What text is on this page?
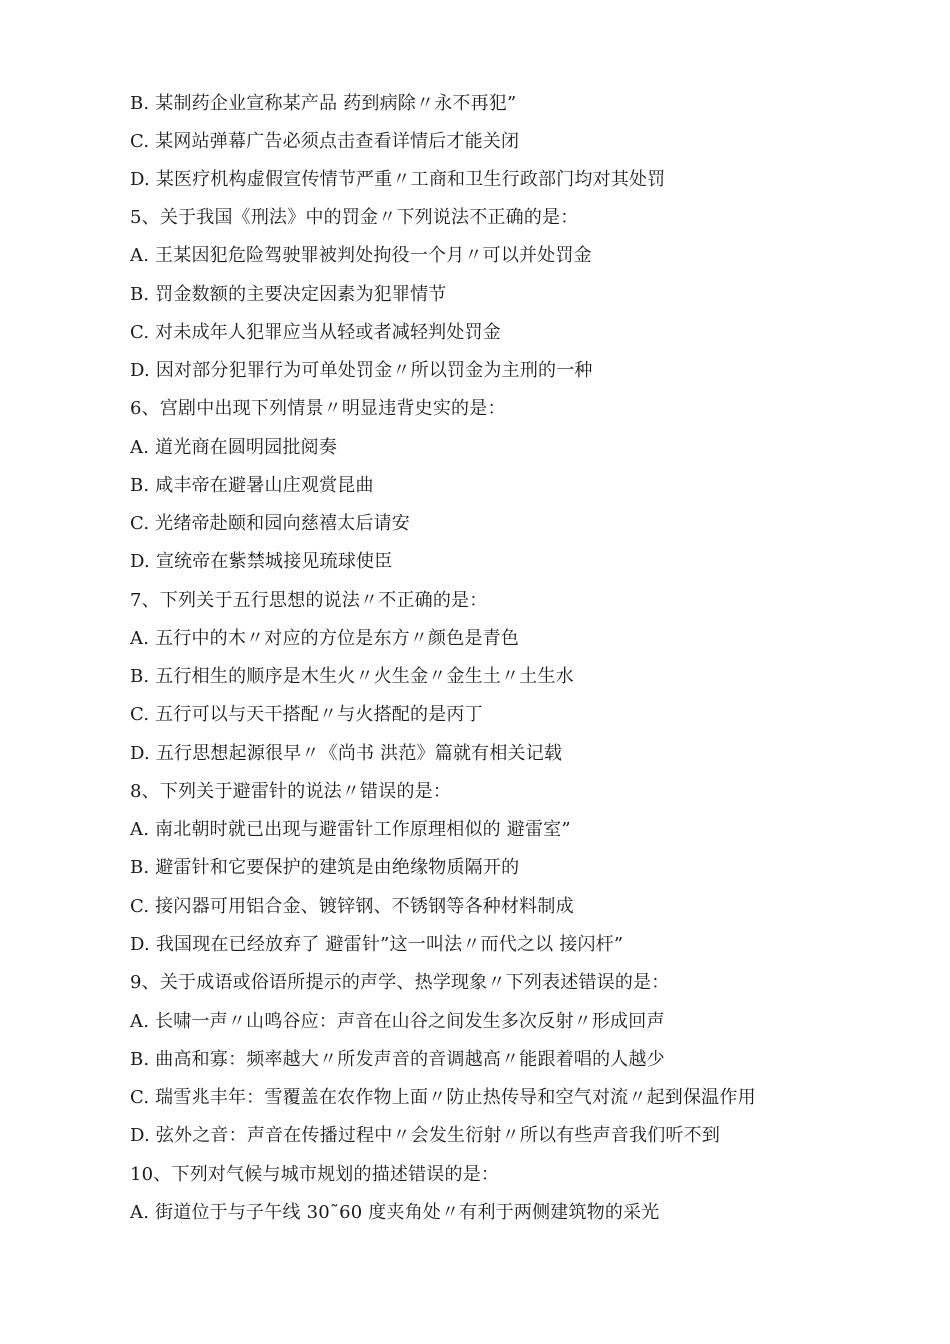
B. 某制药企业宣称某产品 药到病除〃永不再犯”
C. 某网站弹幕广告必须点击查看详情后才能关闭
D. 某医疗机构虚假宣传情节严重〃工商和卫生行政部门均对其处罚
5、关于我国《刑法》中的罚金〃下列说法不正确的是：
A. 王某因犯危险驾驶罪被判处拘役一个月〃可以并处罚金
B. 罚金数额的主要决定因素为犯罪情节
C. 对未成年人犯罪应当从轻或者减轻判处罚金
D. 因对部分犯罪行为可单处罚金〃所以罚金为主刑的一种
6、宫剧中出现下列情景〃明显违背史实的是：
A. 道光商在圆明园批阅奏
B. 咸丰帝在避暑山庄观赏昆曲
C. 光绪帝赴颐和园向慈禧太后请安
D. 宣统帝在紫禁城接见琉球使臣
7、下列关于五行思想的说法〃不正确的是：
A. 五行中的木〃对应的方位是东方〃颜色是青色
B. 五行相生的顺序是木生火〃火生金〃金生土〃土生水
C. 五行可以与天干搭配〃与火搭配的是丙丁
D. 五行思想起源很早〃《尚书 洪范》篇就有相关记载
8、下列关于避雷针的说法〃错误的是：
A. 南北朝时就已出现与避雷针工作原理相似的 避雷室”
B. 避雷针和它要保护的建筑是由绝缘物质隔开的
C. 接闪器可用铝合金、镀锌钢、不锈钢等各种材料制成
D. 我国现在已经放弃了 避雷针”这一叫法〃而代之以 接闪杆”
9、关于成语或俗语所提示的声学、热学现象〃下列表述错误的是：
A. 长啸一声〃山鸣谷应：声音在山谷之间发生多次反射〃形成回声
B. 曲高和寡：频率越大〃所发声音的音调越高〃能跟着唱的人越少
C. 瑞雪兆丰年：雪覆盖在农作物上面〃防止热传导和空气对流〃起到保温作用
D. 弦外之音：声音在传播过程中〃会发生衍射〃所以有些声音我们听不到
10、下列对气候与城市规划的描述错误的是：
A. 街道位于与子午线 30˜60 度夹角处〃有利于两侧建筑物的采光
